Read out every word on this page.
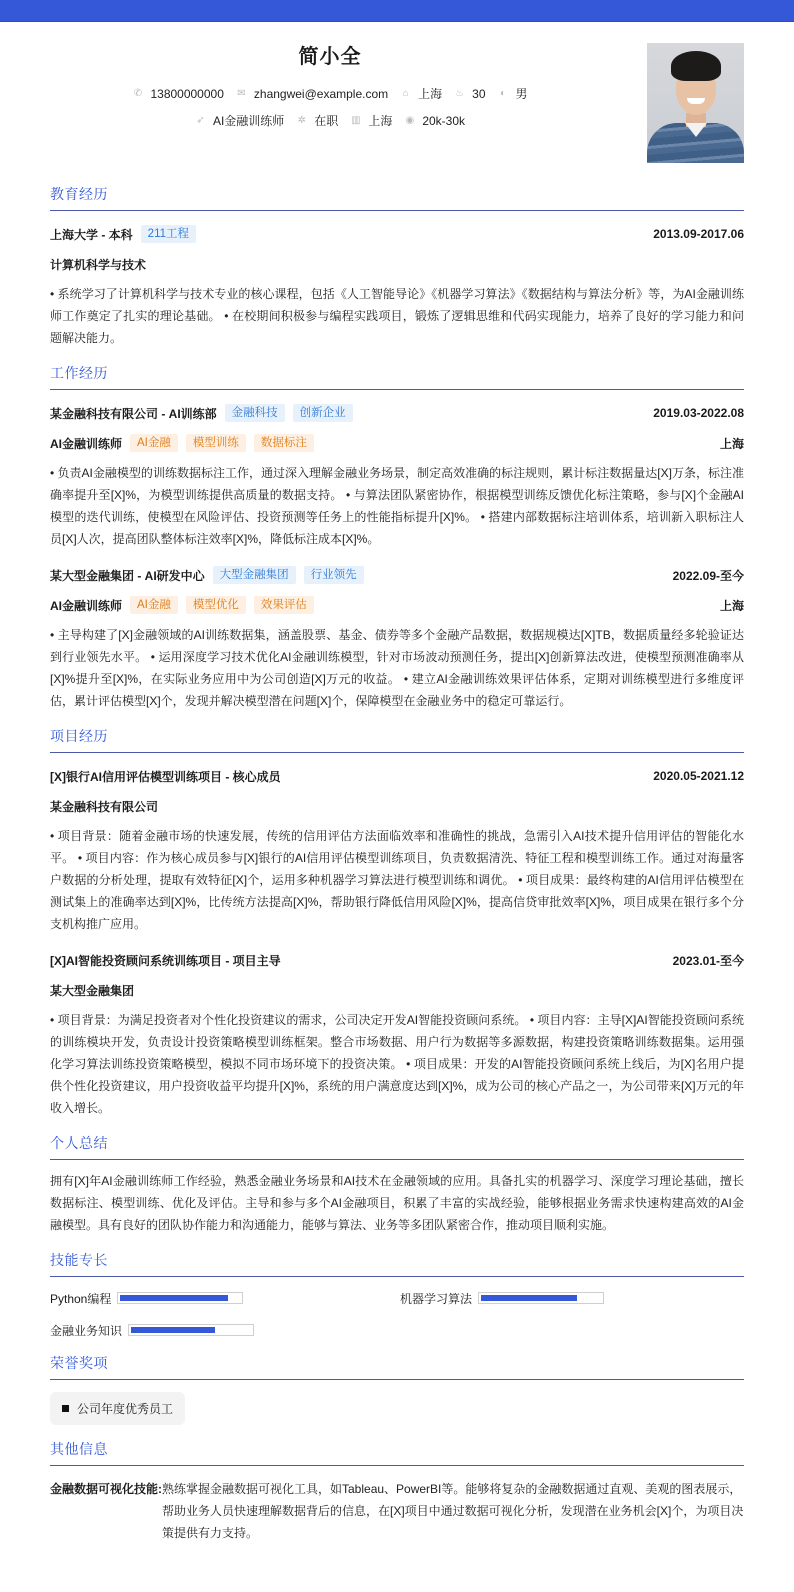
简小全
✆ 13800000000 ✉ zhangwei@example.com ⌂ 上海 ♨ 30 ◐ 男
➶ AI金融训练师 ✲ 在职 ▥ 上海 ◉ 20k-30k
教育经历
上海大学 - 本科	211工程	2013.09-2017.06
计算机科学与技术
• 系统学习了计算机科学与技术专业的核心课程，包括《人工智能导论》《机器学习算法》《数据结构与算法分析》等，为AI金融训练师工作奠定了扎实的理论基础。 • 在校期间积极参与编程实践项目，锻炼了逻辑思维和代码实现能力，培养了良好的学习能力和问题解决能力。
工作经历
某金融科技有限公司 - AI训练部	金融科技	创新企业	2019.03-2022.08
AI金融训练师	AI金融	模型训练	数据标注	上海
• 负责AI金融模型的训练数据标注工作，通过深入理解金融业务场景，制定高效准确的标注规则，累计标注数据量达[X]万条，标注准确率提升至[X]%，为模型训练提供高质量的数据支持。 • 与算法团队紧密协作，根据模型训练反馈优化标注策略，参与[X]个金融AI模型的迭代训练，使模型在风险评估、投资预测等任务上的性能指标提升[X]%。 • 搭建内部数据标注培训体系，培训新入职标注人员[X]人次，提高团队整体标注效率[X]%，降低标注成本[X]%。
某大型金融集团 - AI研发中心	大型金融集团	行业领先	2022.09-至今
AI金融训练师	AI金融	模型优化	效果评估	上海
• 主导构建了[X]金融领域的AI训练数据集，涵盖股票、基金、债券等多个金融产品数据，数据规模达[X]TB，数据质量经多轮验证达到行业领先水平。 • 运用深度学习技术优化AI金融训练模型，针对市场波动预测任务，提出[X]创新算法改进，使模型预测准确率从[X]%提升至[X]%，在实际业务应用中为公司创造[X]万元的收益。 • 建立AI金融训练效果评估体系，定期对训练模型进行多维度评估，累计评估模型[X]个，发现并解决模型潜在问题[X]个，保障模型在金融业务中的稳定可靠运行。
项目经历
[X]银行AI信用评估模型训练项目 - 核心成员	2020.05-2021.12
某金融科技有限公司
• 项目背景：随着金融市场的快速发展，传统的信用评估方法面临效率和准确性的挑战，急需引入AI技术提升信用评估的智能化水平。 • 项目内容：作为核心成员参与[X]银行的AI信用评估模型训练项目，负责数据清洗、特征工程和模型训练工作。通过对海量客户数据的分析处理，提取有效特征[X]个，运用多种机器学习算法进行模型训练和调优。 • 项目成果：最终构建的AI信用评估模型在测试集上的准确率达到[X]%，比传统方法提高[X]%，帮助银行降低信用风险[X]%，提高信贷审批效率[X]%，项目成果在银行多个分支机构推广应用。
[X]AI智能投资顾问系统训练项目 - 项目主导	2023.01-至今
某大型金融集团
• 项目背景：为满足投资者对个性化投资建议的需求，公司决定开发AI智能投资顾问系统。 • 项目内容：主导[X]AI智能投资顾问系统的训练模块开发，负责设计投资策略模型训练框架。整合市场数据、用户行为数据等多源数据，构建投资策略训练数据集。运用强化学习算法训练投资策略模型，模拟不同市场环境下的投资决策。 • 项目成果：开发的AI智能投资顾问系统上线后，为[X]名用户提供个性化投资建议，用户投资收益平均提升[X]%，系统的用户满意度达到[X]%，成为公司的核心产品之一，为公司带来[X]万元的年收入增长。
个人总结
拥有[X]年AI金融训练师工作经验，熟悉金融业务场景和AI技术在金融领域的应用。具备扎实的机器学习、深度学习理论基础，擅长数据标注、模型训练、优化及评估。主导和参与多个AI金融项目，积累了丰富的实战经验，能够根据业务需求快速构建高效的AI金融模型。具有良好的团队协作能力和沟通能力，能够与算法、业务等多团队紧密合作，推动项目顺利实施。
技能专长
Python编程	机器学习算法
金融业务知识
荣誉奖项
公司年度优秀员工
其他信息
金融数据可视化技能: 熟练掌握金融数据可视化工具，如Tableau、PowerBI等。能够将复杂的金融数据通过直观、美观的图表展示，帮助业务人员快速理解数据背后的信息，在[X]项目中通过数据可视化分析，发现潜在业务机会[X]个，为项目决策提供有力支持。
